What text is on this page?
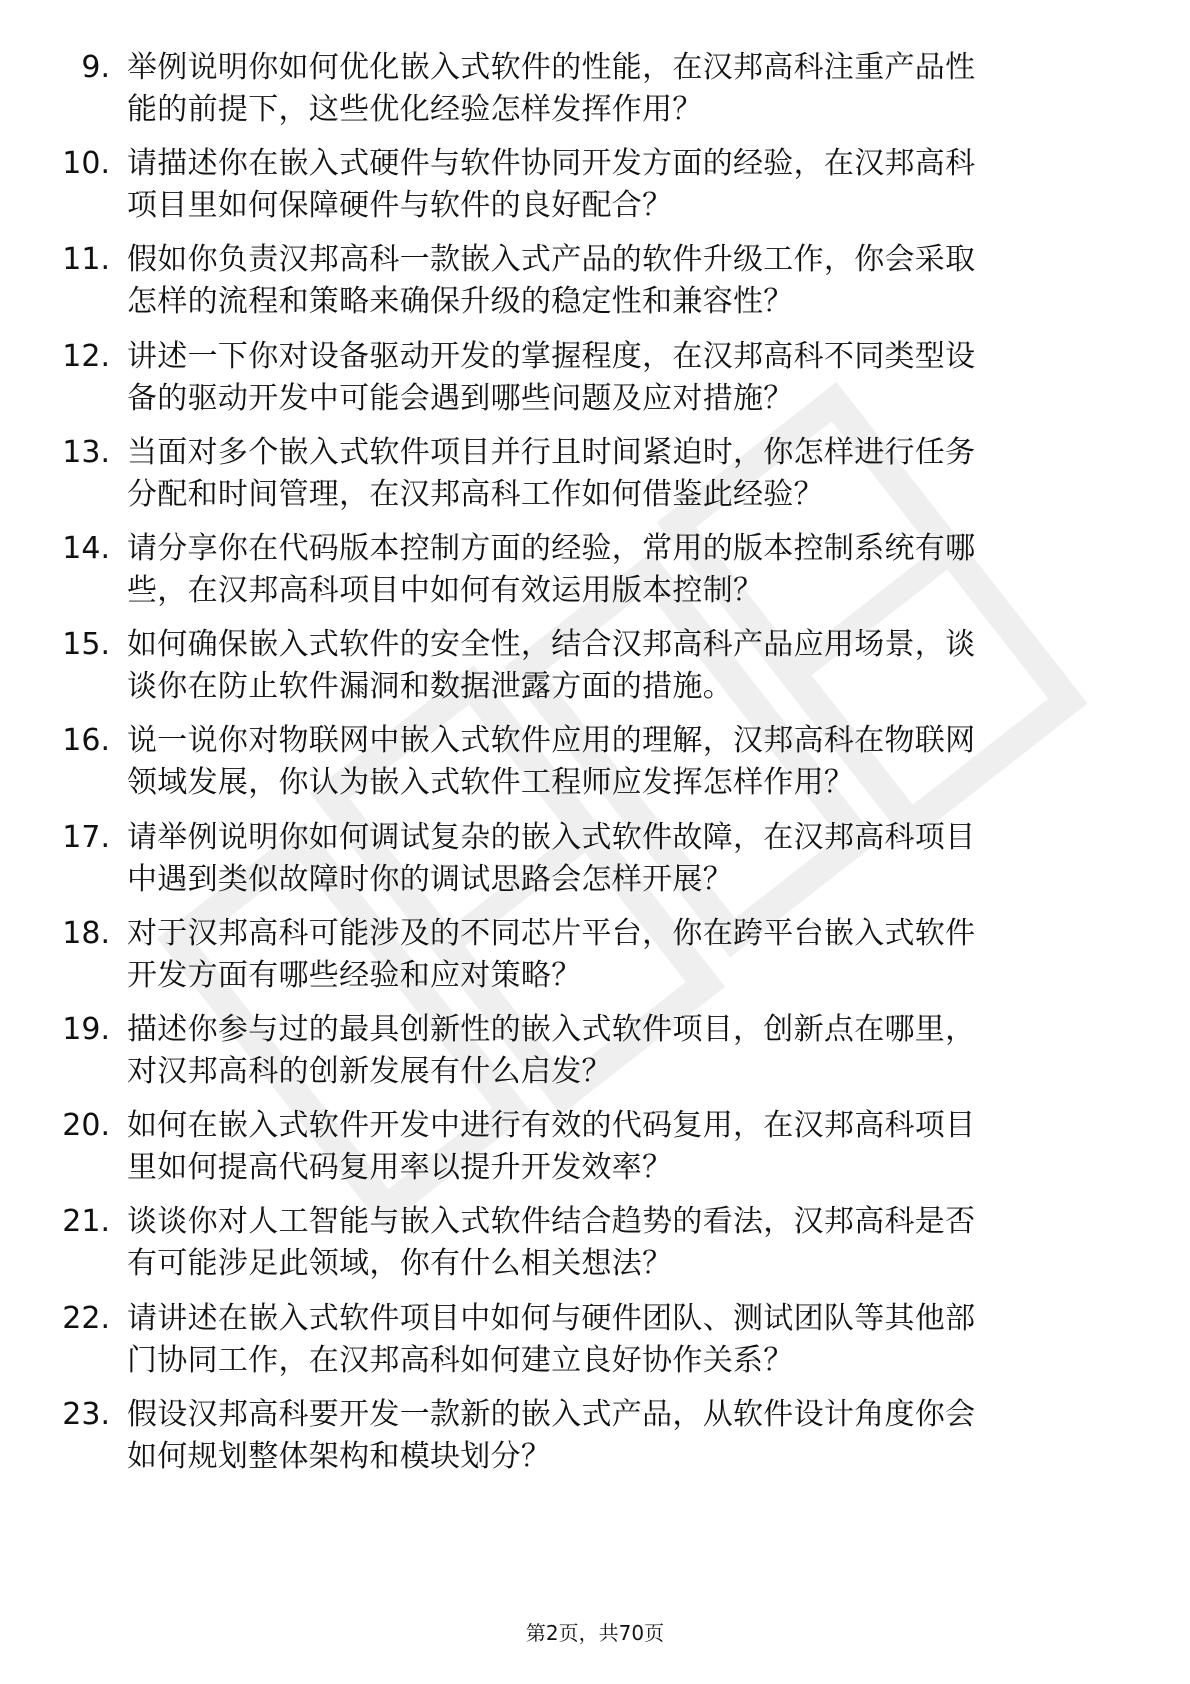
9. 举例说明你如何优化嵌入式软件的性能，在汉邦高科注重产品性
能的前提下，这些优化经验怎样发挥作用？
10. 请描述你在嵌入式硬件与软件协同开发方面的经验，在汉邦高科
项目里如何保障硬件与软件的良好配合？
11. 假如你负责汉邦高科一款嵌入式产品的软件升级工作，你会采取
怎样的流程和策略来确保升级的稳定性和兼容性？
12. 讲述一下你对设备驱动开发的掌握程度，在汉邦高科不同类型设
备的驱动开发中可能会遇到哪些问题及应对措施？
13. 当面对多个嵌入式软件项目并行且时间紧迫时，你怎样进行任务
分配和时间管理，在汉邦高科工作如何借鉴此经验？
14. 请分享你在代码版本控制方面的经验，常用的版本控制系统有哪
些，在汉邦高科项目中如何有效运用版本控制？
15. 如何确保嵌入式软件的安全性，结合汉邦高科产品应用场景，谈
谈你在防止软件漏洞和数据泄露方面的措施。
16. 说一说你对物联网中嵌入式软件应用的理解，汉邦高科在物联网
领域发展，你认为嵌入式软件工程师应发挥怎样作用？
17. 请举例说明你如何调试复杂的嵌入式软件故障，在汉邦高科项目
中遇到类似故障时你的调试思路会怎样开展？
18. 对于汉邦高科可能涉及的不同芯片平台，你在跨平台嵌入式软件
开发方面有哪些经验和应对策略？
19. 描述你参与过的最具创新性的嵌入式软件项目，创新点在哪里，
对汉邦高科的创新发展有什么启发？
20. 如何在嵌入式软件开发中进行有效的代码复用，在汉邦高科项目
里如何提高代码复用率以提升开发效率？
21. 谈谈你对人工智能与嵌入式软件结合趋势的看法，汉邦高科是否
有可能涉足此领域，你有什么相关想法？
22. 请讲述在嵌入式软件项目中如何与硬件团队、测试团队等其他部
门协同工作，在汉邦高科如何建立良好协作关系？
23. 假设汉邦高科要开发一款新的嵌入式产品，从软件设计角度你会
如何规划整体架构和模块划分？
第2页，共70页
